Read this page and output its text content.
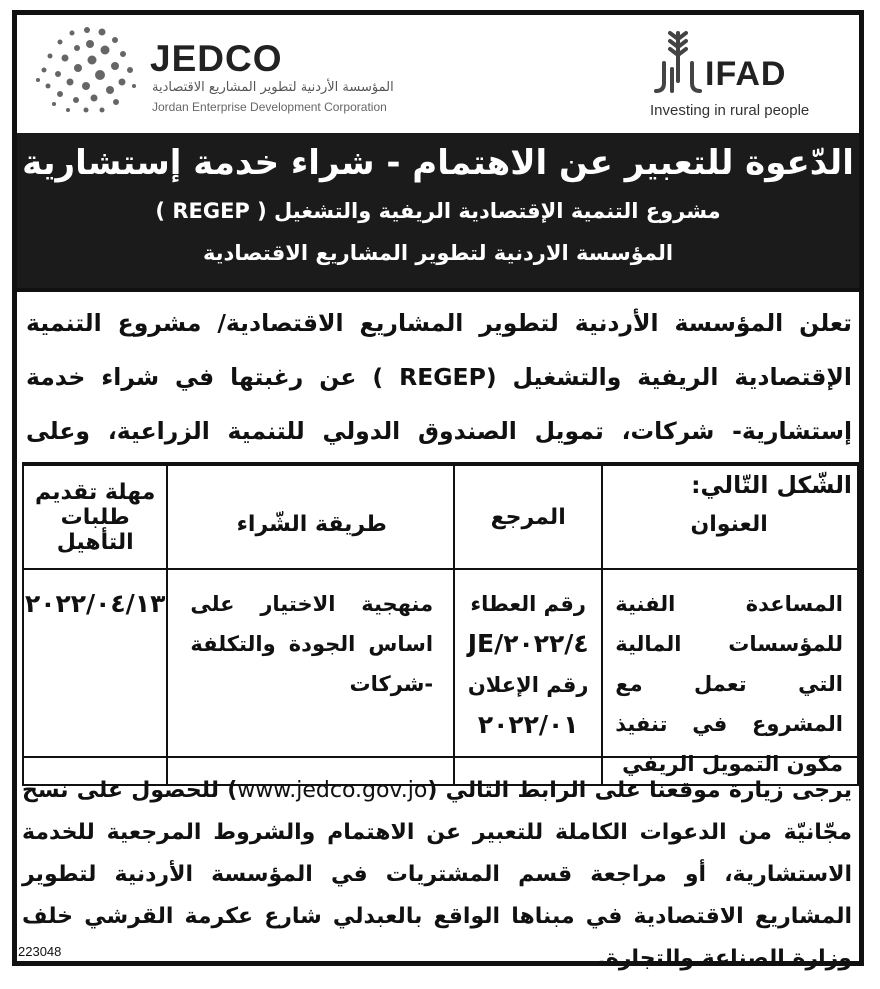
JEDCO
المؤسسة الأردنية لتطوير المشاريع الاقتصادية
Jordan Enterprise Development Corporation
IFAD
Investing in rural people
الدّعوة للتعبير عن الاهتمام - شراء خدمة إستشارية
مشروع التنمية الإقتصادية الريفية والتشغيل ( REGEP )
المؤسسة الاردنية لتطوير المشاريع الاقتصادية
تعلن المؤسسة الأردنية لتطوير المشاريع الاقتصادية/ مشروع التنمية الإقتصادية الريفية والتشغيل (REGEP ) عن رغبتها في شراء خدمة إستشارية- شركات، تمويل الصندوق الدولي للتنمية الزراعية، وعلى الشّكل التّالي:
العنوان	المرجع	طريقة الشّراء	مهلة تقديم طلبات التأهيل
المساعدة الفنية للمؤسسات المالية التي تعمل مع المشروع في تنفيذ مكون التمويل الريفي	رقم العطاء
JE/٢٠٢٢/٤
رقم الإعلان
٢٠٢٢/٠١	منهجية الاختيار على اساس الجودة والتكلفة -شركات	٢٠٢٢/٠٤/١٣
يرجى زيارة موقعنا على الرابط التالي (www.jedco.gov.jo) للحصول على نسخ مجّانيّة من الدعوات الكاملة للتعبير عن الاهتمام والشروط المرجعية للخدمة الاستشارية، أو مراجعة قسم المشتريات في المؤسسة الأردنية لتطوير المشاريع الاقتصادية في مبناها الواقع بالعبدلي شارع عكرمة القرشي خلف وزارة الصناعة والتجارة.
223048
